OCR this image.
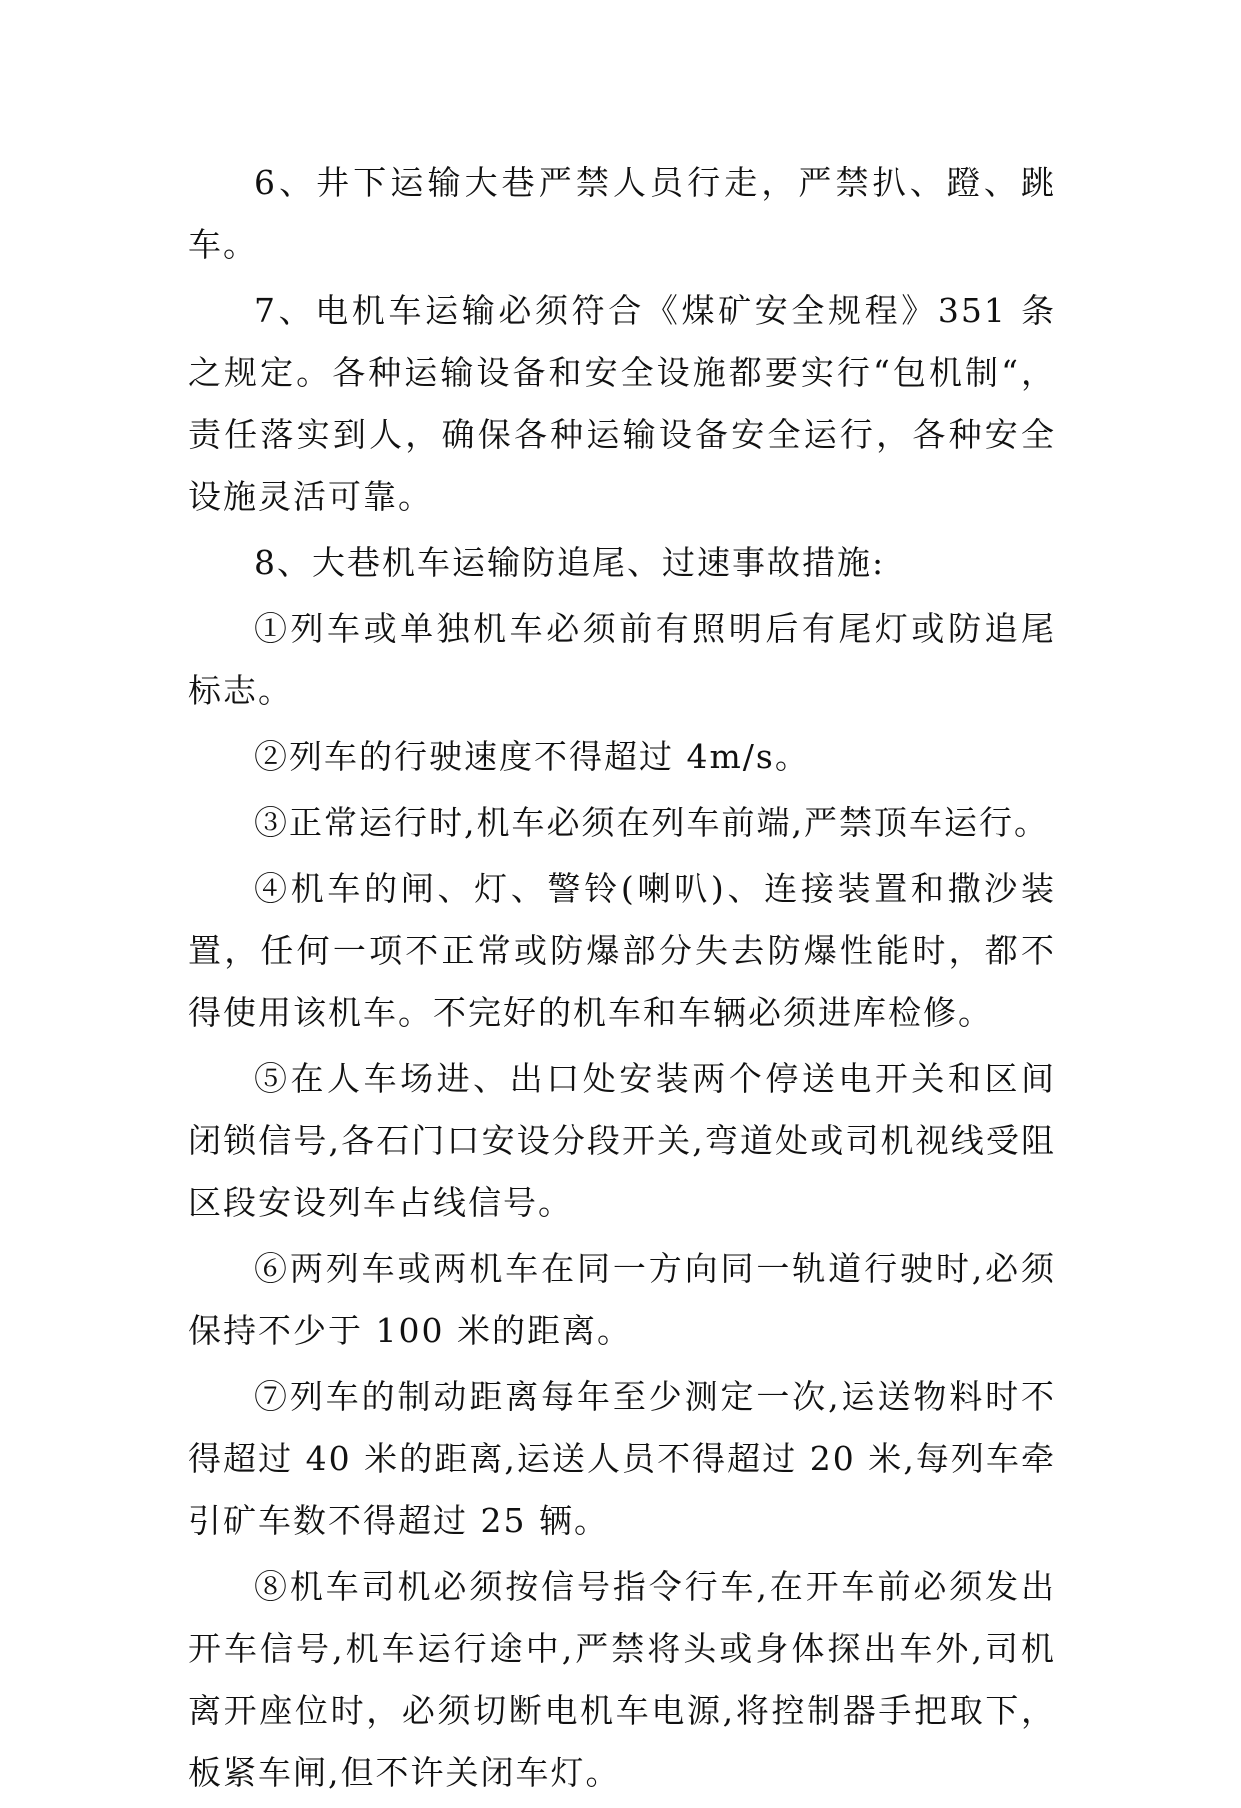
6、井下运输大巷严禁人员行走，严禁扒、蹬、跳车。

7、电机车运输必须符合《煤矿安全规程》351 条之规定。各种运输设备和安全设施都要实行“包机制“，责任落实到人，确保各种运输设备安全运行，各种安全设施灵活可靠。

8、大巷机车运输防追尾、过速事故措施:

①列车或单独机车必须前有照明后有尾灯或防追尾标志。

②列车的行驶速度不得超过 4m/s。

③正常运行时,机车必须在列车前端,严禁顶车运行。

④机车的闸、灯、警铃(喇叭)、连接装置和撒沙装置，任何一项不正常或防爆部分失去防爆性能时，都不得使用该机车。不完好的机车和车辆必须进库检修。

⑤在人车场进、出口处安装两个停送电开关和区间闭锁信号,各石门口安设分段开关,弯道处或司机视线受阻区段安设列车占线信号。

⑥两列车或两机车在同一方向同一轨道行驶时,必须保持不少于 100 米的距离。

⑦列车的制动距离每年至少测定一次,运送物料时不得超过 40 米的距离,运送人员不得超过 20 米,每列车牵引矿车数不得超过 25 辆。

⑧机车司机必须按信号指令行车,在开车前必须发出开车信号,机车运行途中,严禁将头或身体探出车外,司机离开座位时，必须切断电机车电源,将控制器手把取下，板紧车闸,但不许关闭车灯。
